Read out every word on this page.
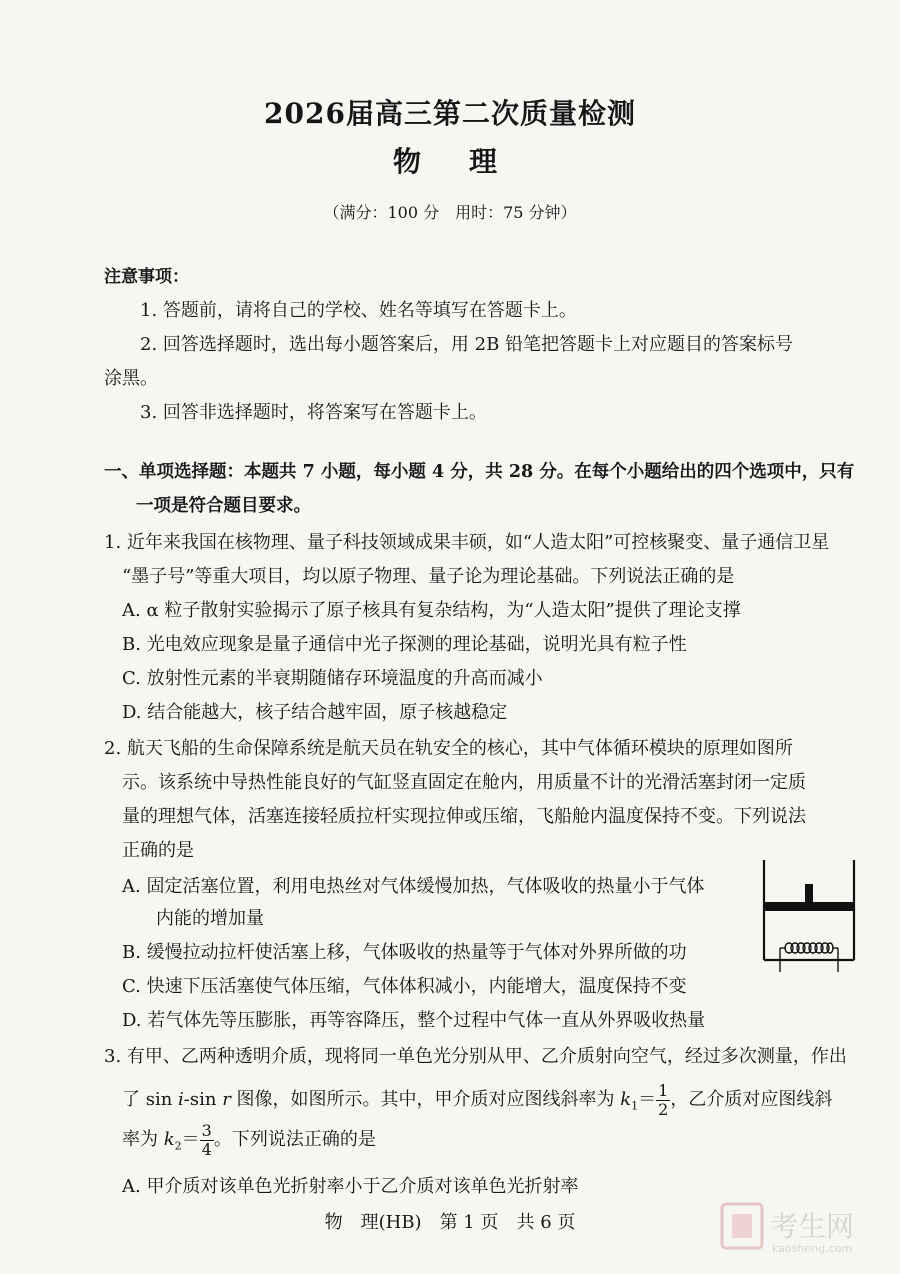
2026届高三第二次质量检测
物　理
（满分：100 分　用时：75 分钟）
注意事项：
1. 答题前，请将自己的学校、姓名等填写在答题卡上。
2. 回答选择题时，选出每小题答案后，用 2B 铅笔把答题卡上对应题目的答案标号
涂黑。
3. 回答非选择题时，将答案写在答题卡上。
一、单项选择题：本题共 7 小题，每小题 4 分，共 28 分。在每个小题给出的四个选项中，只有
一项是符合题目要求。
1. 近年来我国在核物理、量子科技领域成果丰硕，如“人造太阳”可控核聚变、量子通信卫星
“墨子号”等重大项目，均以原子物理、量子论为理论基础。下列说法正确的是
A. α 粒子散射实验揭示了原子核具有复杂结构，为“人造太阳”提供了理论支撑
B. 光电效应现象是量子通信中光子探测的理论基础，说明光具有粒子性
C. 放射性元素的半衰期随储存环境温度的升高而减小
D. 结合能越大，核子结合越牢固，原子核越稳定
2. 航天飞船的生命保障系统是航天员在轨安全的核心，其中气体循环模块的原理如图所
示。该系统中导热性能良好的气缸竖直固定在舱内，用质量不计的光滑活塞封闭一定质
量的理想气体，活塞连接轻质拉杆实现拉伸或压缩，飞船舱内温度保持不变。下列说法
正确的是
A. 固定活塞位置，利用电热丝对气体缓慢加热，气体吸收的热量小于气体
内能的增加量
B. 缓慢拉动拉杆使活塞上移，气体吸收的热量等于气体对外界所做的功
C. 快速下压活塞使气体压缩，气体体积减小，内能增大，温度保持不变
D. 若气体先等压膨胀，再等容降压，整个过程中气体一直从外界吸收热量
3. 有甲、乙两种透明介质，现将同一单色光分别从甲、乙介质射向空气，经过多次测量，作出
了 sin i-sin r 图像，如图所示。其中，甲介质对应图线斜率为 $k_1= \frac{1}{2}$ ，乙介质对应图线斜
率为 $k_2= \frac{3}{4}$ 。下列说法正确的是
A. 甲介质对该单色光折射率小于乙介质对该单色光折射率
物　理(HB)　第 1 页　共 6 页	考生网
kaosheng.com
